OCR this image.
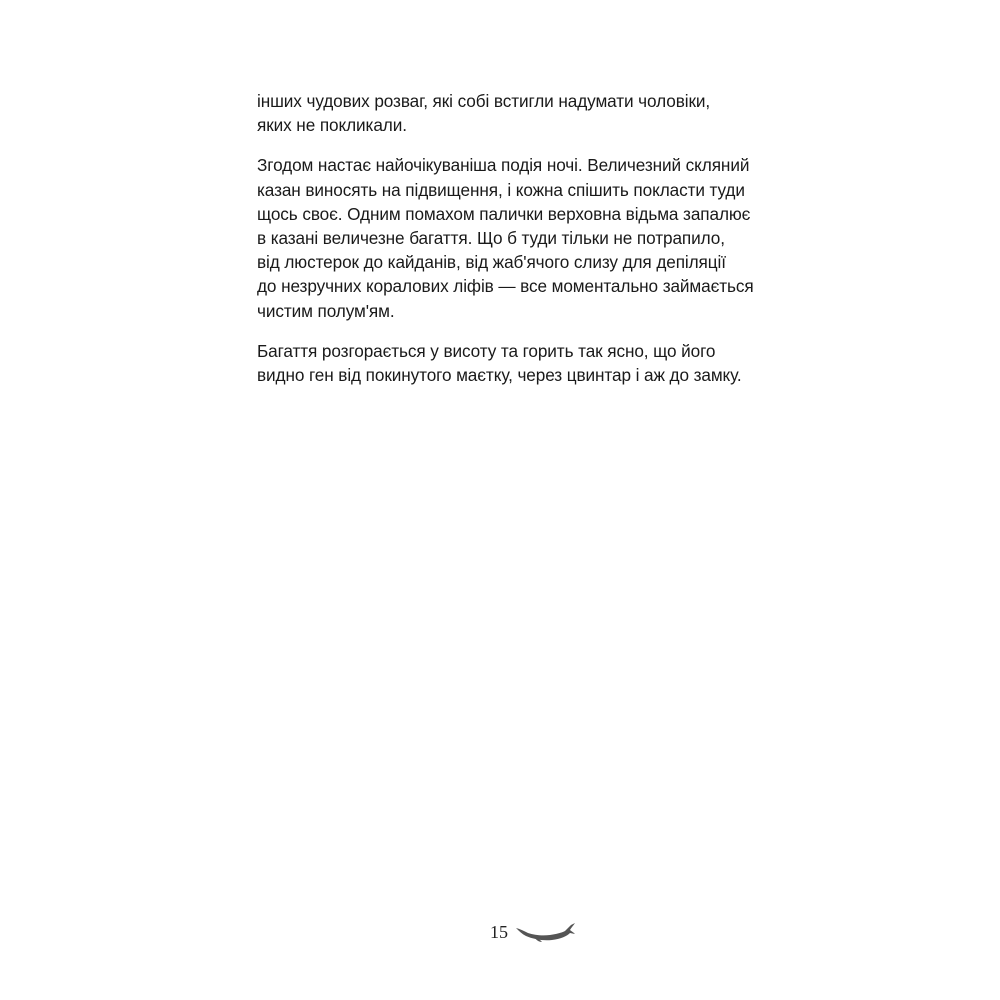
інших чудових розваг, які собі встигли надумати чоловіки,
яких не покликали.

Згодом настає найочікуваніша подія ночі. Величезний скляний
казан виносять на підвищення, і кожна спішить покласти туди
щось своє. Одним помахом палички верховна відьма запалює
в казані величезне багаття. Що б туди тільки не потрапило,
від люстерок до кайданів, від жаб'ячого слизу для депіляції
до незручних коралових ліфів — все моментально займається
чистим полум'ям.

Багаття розгорається у висоту та горить так ясно, що його
видно ген від покинутого маєтку, через цвинтар і аж до замку.

15
